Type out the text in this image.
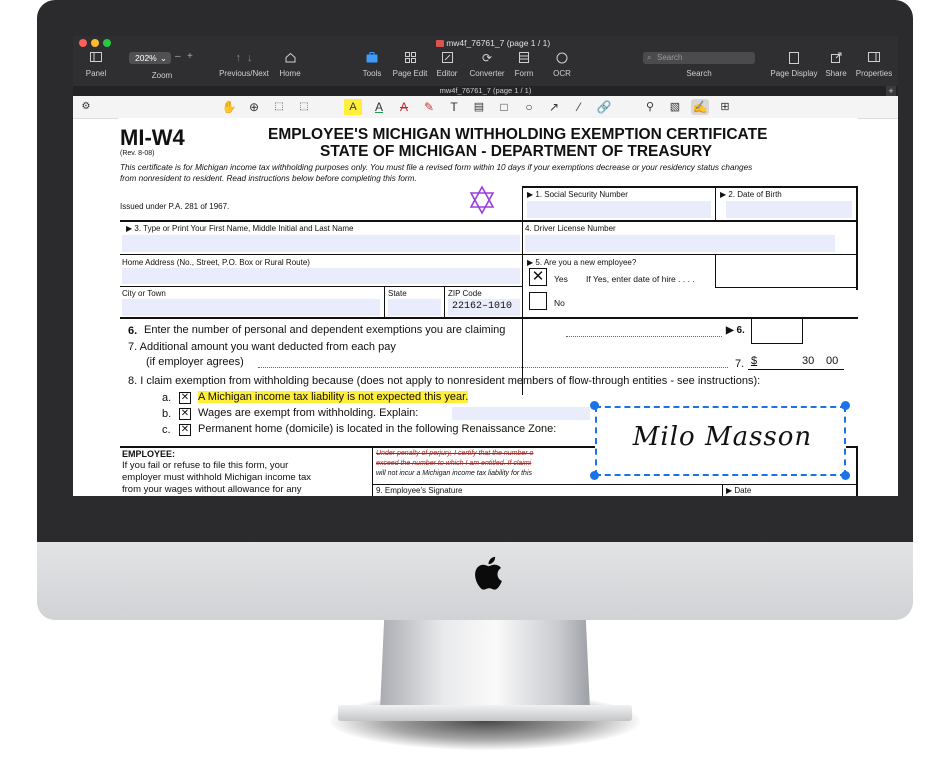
mw4f_76761_7 (page 1 / 1)
Panel
202% ⌄ – +
Zoom
↑ ↓
Previous/Next	Home	Tools	Page Edit	Editor
⟳
Converter	Form	OCR
⌕ Search
Search	Page Display Share	Properties
mw4f_76761_7 (page 1 / 1)	+
⚙	✋	⊕	⬚	⬚	A	A	A	✎	T	▤	□	○	↗	⁄	🔗	⚲	▧	✍	⊞
MI-W4
(Rev. 8-08)
EMPLOYEE'S MICHIGAN WITHHOLDING EXEMPTION CERTIFICATE
STATE OF MICHIGAN - DEPARTMENT OF TREASURY
This certificate is for Michigan income tax withholding purposes only. You must file a revised form within 10 days if your exemptions decrease or your residency status changes
from nonresident to resident. Read instructions below before completing this form.
Issued under P.A. 281 of 1967.
▶ 1. Social Security Number	▶ 2. Date of Birth
▶ 3. Type or Print Your First Name, Middle Initial and Last Name	4. Driver License Number
Home Address (No., Street, P.O. Box or Rural Route)	▶ 5. Are you a new employee?
✕	Yes If Yes, enter date of hire . . . .
No
City or Town	State	ZIP Code
22162–1010
6. Enter the number of personal and dependent exemptions you are claiming	▶ 6.
7. Additional amount you want deducted from each pay
(if employer agrees)	7. $	30 00
8. I claim exemption from withholding because (does not apply to nonresident members of flow-through entities - see instructions):
a. ✕ A Michigan income tax liability is not expected this year.
b. ✕ Wages are exempt from withholding. Explain:
c. ✕ Permanent home (domicile) is located in the following Renaissance Zone:
EMPLOYEE:
If you fail or refuse to file this form, your
employer must withhold Michigan income tax
from your wages without allowance for any
Under penalty of perjury, I certify that the number o
exceed the number to which I am entitled. If claimi
will not incur a Michigan income tax liability for this
9. Employee's Signature	▶ Date
Milo Masson
